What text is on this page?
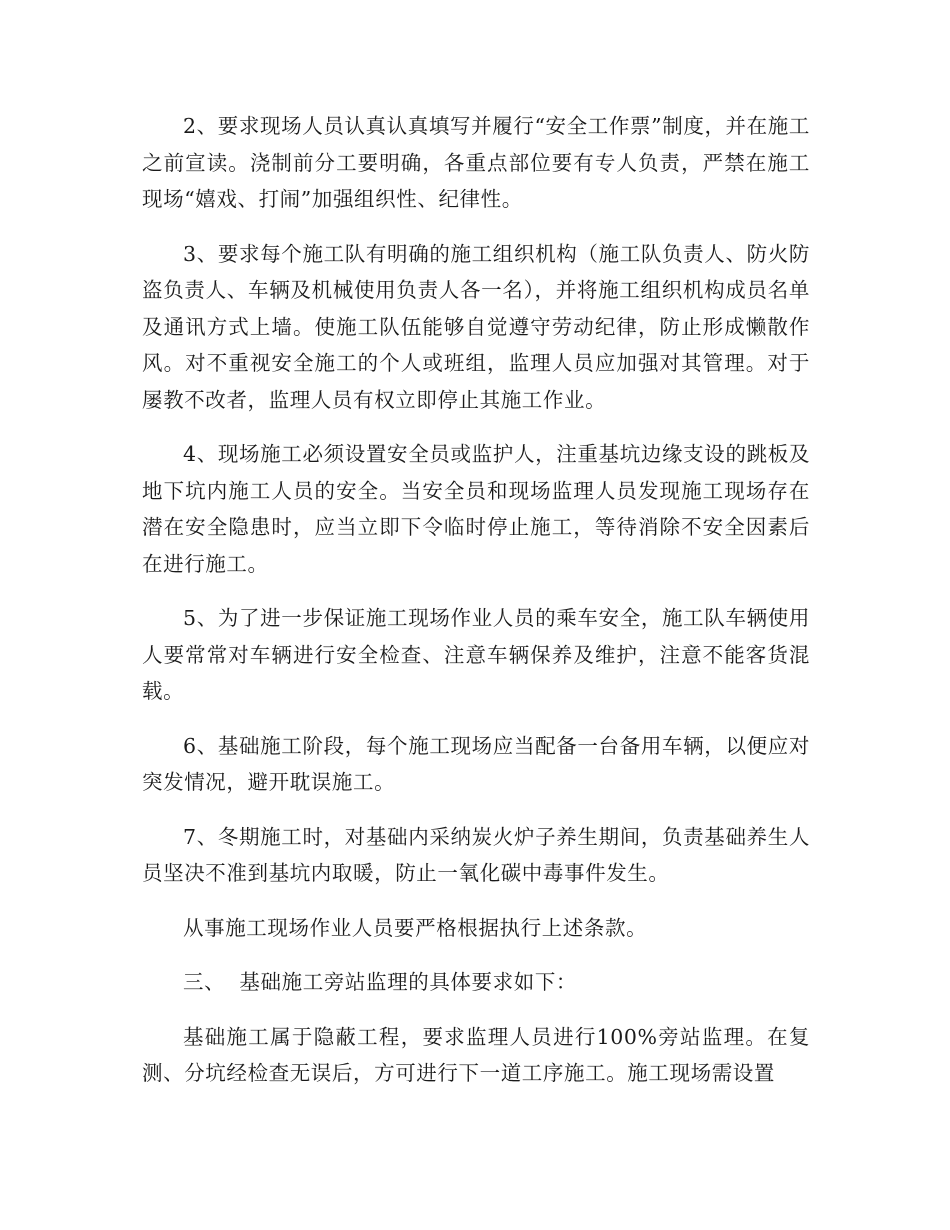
2、要求现场人员认真认真填写并履行“安全工作票”制度，并在施工之前宣读。浇制前分工要明确，各重点部位要有专人负责，严禁在施工现场“嬉戏、打闹”加强组织性、纪律性。

3、要求每个施工队有明确的施工组织机构（施工队负责人、防火防盗负责人、车辆及机械使用负责人各一名），并将施工组织机构成员名单及通讯方式上墙。使施工队伍能够自觉遵守劳动纪律，防止形成懒散作风。对不重视安全施工的个人或班组，监理人员应加强对其管理。对于屡教不改者，监理人员有权立即停止其施工作业。

4、现场施工必须设置安全员或监护人，注重基坑边缘支设的跳板及地下坑内施工人员的安全。当安全员和现场监理人员发现施工现场存在潜在安全隐患时，应当立即下令临时停止施工，等待消除不安全因素后在进行施工。

5、为了进一步保证施工现场作业人员的乘车安全，施工队车辆使用人要常常对车辆进行安全检查、注意车辆保养及维护，注意不能客货混载。

6、基础施工阶段，每个施工现场应当配备一台备用车辆，以便应对突发情况，避开耽误施工。

7、冬期施工时，对基础内采纳炭火炉子养生期间，负责基础养生人员坚决不准到基坑内取暖，防止一氧化碳中毒事件发生。

从事施工现场作业人员要严格根据执行上述条款。

三、  基础施工旁站监理的具体要求如下：

基础施工属于隐蔽工程，要求监理人员进行100%旁站监理。在复测、分坑经检查无误后，方可进行下一道工序施工。施工现场需设置
